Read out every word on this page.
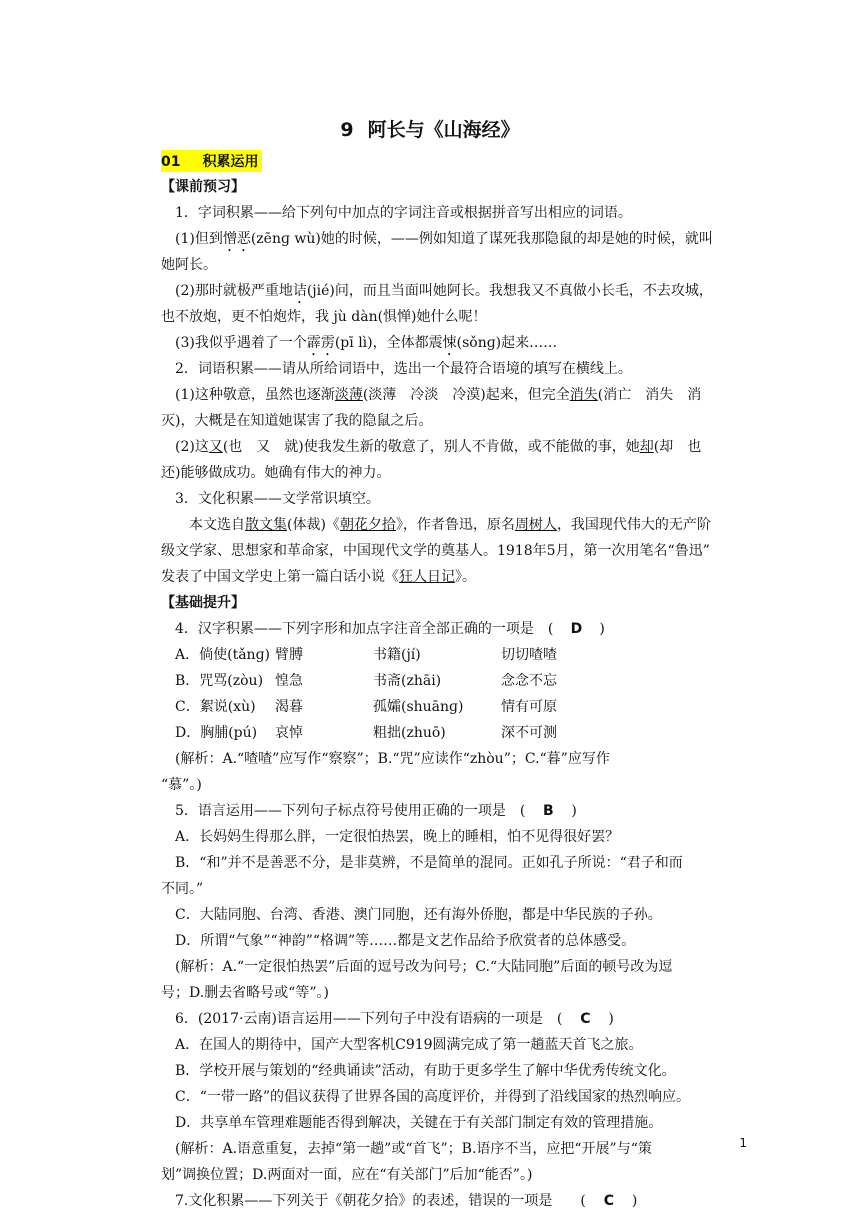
9 阿长与《山海经》
01 积累运用
【课前预习】
1．字词积累——给下列句中加点的字词注音或根据拼音写出相应的词语。
(1)但到憎恶(zēnɡ wù)她的时候，——例如知道了谋死我那隐鼠的却是她的时候，就叫
她阿长。
(2)那时就极严重地诘(jié)问，而且当面叫她阿长。我想我又不真做小长毛，不去攻城，
也不放炮，更不怕炮炸，我 jù dàn(惧惮)她什么呢！
(3)我似乎遇着了一个霹雳(pī lì)，全体都震悚(sǒnɡ)起来……
2．词语积累——请从所给词语中，选出一个最符合语境的填写在横线上。
(1)这种敬意，虽然也逐渐淡薄(淡薄　冷淡　冷漠)起来，但完全消失(消亡　消失　消
灭)，大概是在知道她谋害了我的隐鼠之后。
(2)这又(也　又　就)使我发生新的敬意了，别人不肯做，或不能做的事，她却(却　也
还)能够做成功。她确有伟大的神力。
3．文化积累——文学常识填空。
本文选自散文集(体裁)《朝花夕拾》，作者鲁迅，原名周树人，我国现代伟大的无产阶
级文学家、思想家和革命家，中国现代文学的奠基人。1918年5月，第一次用笔名“鲁迅”
发表了中国文学史上第一篇白话小说《狂人日记》。
【基础提升】
4．汉字积累——下列字形和加点字注音全部正确的一项是　( D )
A．倘使(tǎnɡ) 臂膊	书籍(jí)	切切喳喳
B．咒骂(zòu) 惶急	书斋(zhāi)	念念不忘
C．絮说(xù) 渴暮	孤孀(shuānɡ)	情有可原
D．胸脯(pú) 哀悼	粗拙(zhuō)	深不可测
(解析：A.“喳喳”应写作“察察”；B.“咒”应读作“zhòu”；C.“暮”应写作
“慕”。)
5．语言运用——下列句子标点符号使用正确的一项是　( B )
A．长妈妈生得那么胖，一定很怕热罢，晚上的睡相，怕不见得很好罢？
B．“和”并不是善恶不分，是非莫辨，不是简单的混同。正如孔子所说：“君子和而
不同。”
C．大陆同胞、台湾、香港、澳门同胞，还有海外侨胞，都是中华民族的子孙。
D．所谓“气象”“神韵”“格调”等……都是文艺作品给予欣赏者的总体感受。
(解析：A.“一定很怕热罢”后面的逗号改为问号；C.“大陆同胞”后面的顿号改为逗
号；D.删去省略号或“等”。)
6．(2017·云南)语言运用——下列句子中没有语病的一项是　( C )
A．在国人的期待中，国产大型客机C919圆满完成了第一趟蓝天首飞之旅。
B．学校开展与策划的“经典诵读”活动，有助于更多学生了解中华优秀传统文化。
C．“一带一路”的倡议获得了世界各国的高度评价，并得到了沿线国家的热烈响应。
D．共享单车管理难题能否得到解决，关键在于有关部门制定有效的管理措施。
(解析：A.语意重复，去掉“第一趟”或“首飞”；B.语序不当，应把“开展”与“策
划”调换位置；D.两面对一面，应在“有关部门”后加“能否”。)
7.文化积累——下列关于《朝花夕拾》的表述，错误的一项是　　( C )
1
